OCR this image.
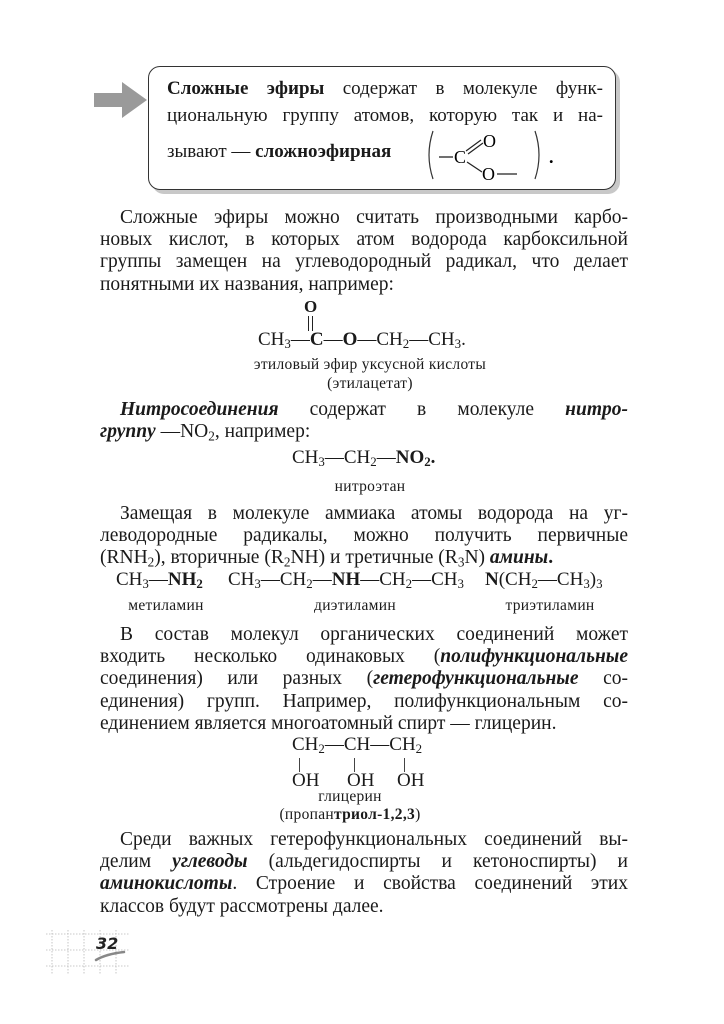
Сложные эфиры содержат в молекуле функ-
циональную группу атомов, которую так и на-
зывают — сложноэфирная	C
O
O
.
Сложные эфиры можно считать производными карбо-
новых кислот, в которых атом водорода карбоксильной
группы замещен на углеводородный радикал, что делает
понятными их названия, например:
O
$CH_3—C—O—CH_2—CH_3$.
этиловый эфир уксусной кислоты
(этилацетат)
Нитросоединения содержат в молекуле нитро-
группу $—NO_2$, например:
$CH_3—CH_2—NO_2$.
нитроэтан
Замещая в молекуле аммиака атомы водорода на уг-
леводородные радикалы, можно получить первичные
$(RNH_2)$, вторичные $(R_2NH)$ и третичные $(R_3N)$ амины.
$CH_3—NH_2$ $CH_3—CH_2—NH—CH_2—CH_3$ $N(CH_2—CH_3)_3$
метиламин	диэтиламин	триэтиламин
В состав молекул органических соединений может
входить несколько одинаковых (полифункциональные
соединения) или разных (гетерофункциональные со-
единения) групп. Например, полифункциональным со-
единением является многоатомный спирт — глицерин.
$CH_2—CH—CH_2$
OH OH OH
глицерин
(пропантриол-1,2,3)
Среди важных гетерофункциональных соединений вы-
делим углеводы (альдегидоспирты и кетоноспирты) и
аминокислоты. Строение и свойства соединений этих
классов будут рассмотрены далее.
32
